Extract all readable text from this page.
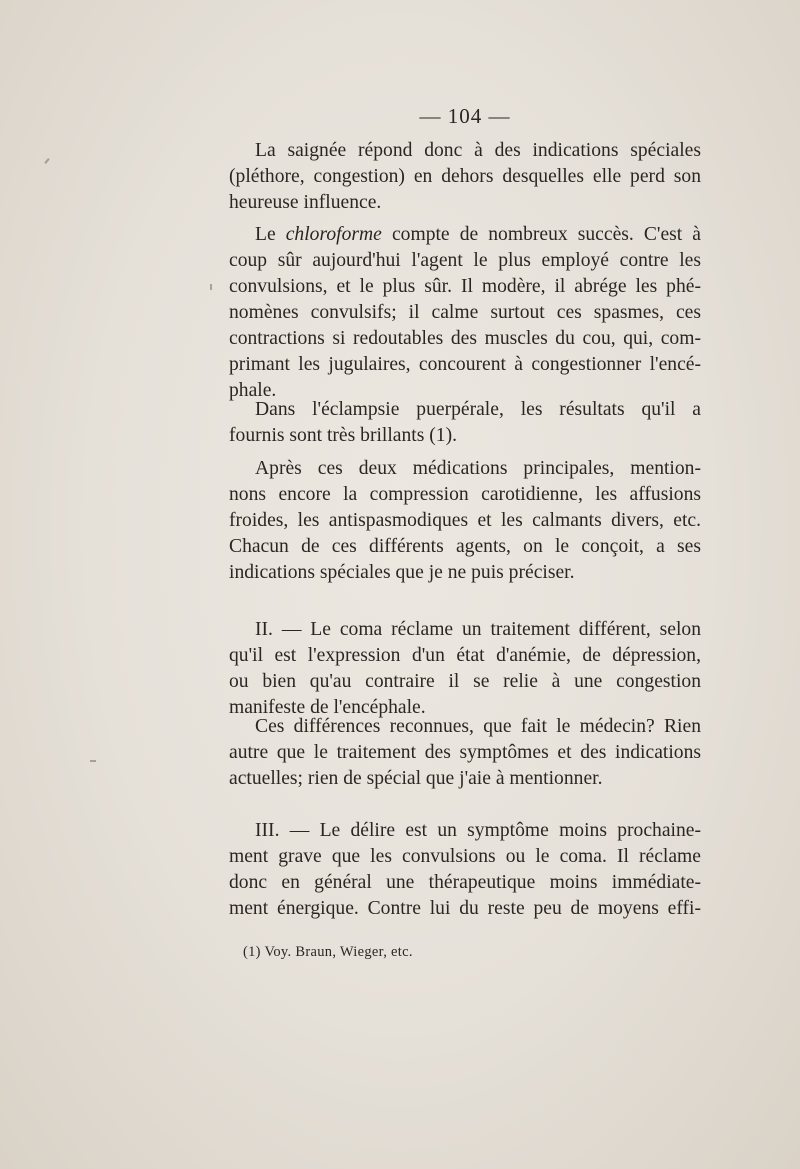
— 104 —
La saignée répond donc à des indications spéciales
(pléthore, congestion) en dehors desquelles elle perd son
heureuse influence.
Le chloroforme compte de nombreux succès. C'est à
coup sûr aujourd'hui l'agent le plus employé contre les
convulsions, et le plus sûr. Il modère, il abrége les phé-
nomènes convulsifs; il calme surtout ces spasmes, ces
contractions si redoutables des muscles du cou, qui, com-
primant les jugulaires, concourent à congestionner l'encé-
phale.
Dans l'éclampsie puerpérale, les résultats qu'il a
fournis sont très brillants (1).
Après ces deux médications principales, mention-
nons encore la compression carotidienne, les affusions
froides, les antispasmodiques et les calmants divers, etc.
Chacun de ces différents agents, on le conçoit, a ses
indications spéciales que je ne puis préciser.
II. — Le coma réclame un traitement différent, selon
qu'il est l'expression d'un état d'anémie, de dépression,
ou bien qu'au contraire il se relie à une congestion
manifeste de l'encéphale.
Ces différences reconnues, que fait le médecin? Rien
autre que le traitement des symptômes et des indications
actuelles; rien de spécial que j'aie à mentionner.
III. — Le délire est un symptôme moins prochaine-
ment grave que les convulsions ou le coma. Il réclame
donc en général une thérapeutique moins immédiate-
ment énergique. Contre lui du reste peu de moyens effi-
(1) Voy. Braun, Wieger, etc.
